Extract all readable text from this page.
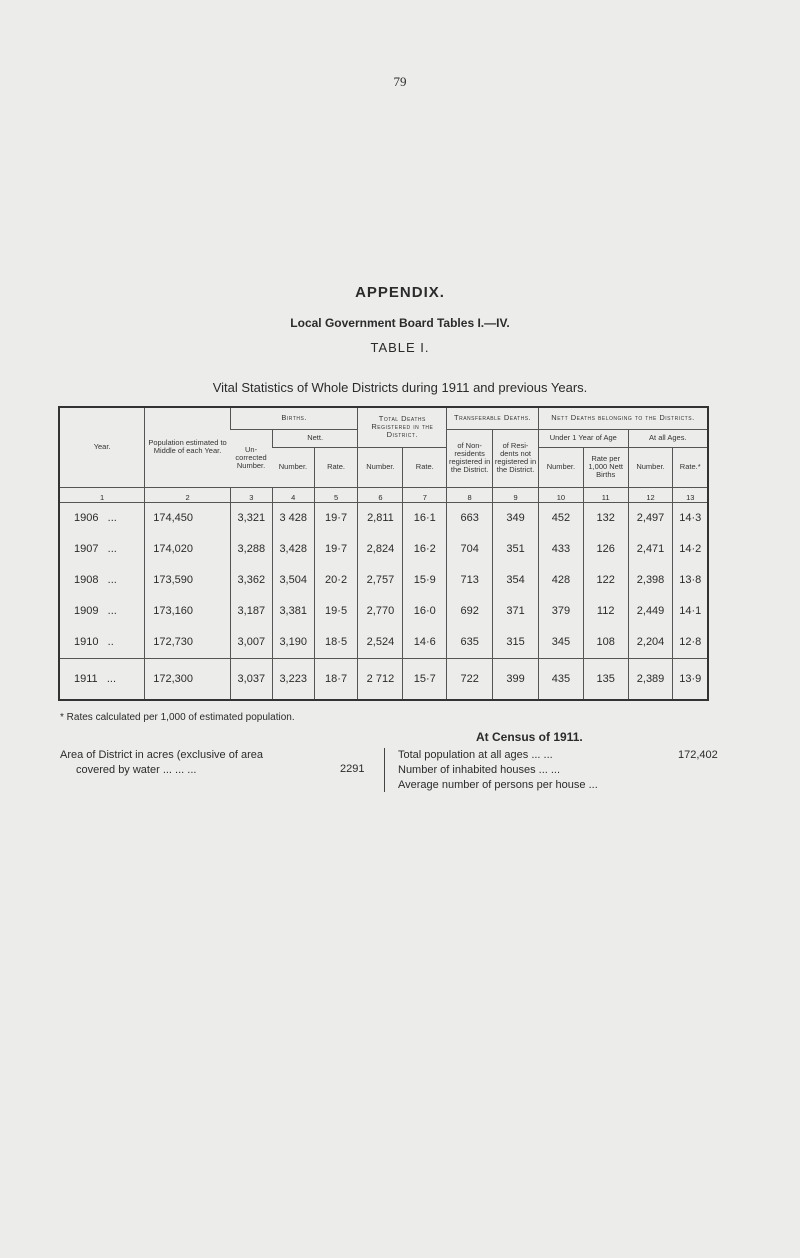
79
APPENDIX.
Local Government Board Tables I.—IV.
TABLE I.
Vital Statistics of Whole Districts during 1911 and previous Years.
Year.	Population estimated to Middle of each Year.	Births.			Total Deaths Registered in the District.		Transferable Deaths.		Nett Deaths belonging to the Districts.			
		Un- corrected Number.	Nett.				of Non- residents registered in the District.	of Resi- dents not registered in the District.	Under 1 Year of Age		At all Ages.	
			Number.	Rate.	Number.	Rate.			Number.	Rate per 1,000 Nett Births	Number.	Rate.*
1	2	3	4	5	6	7	8	9	10	11	12	13
1906 ...	174,450	3,321	3 428	19·7	2,811	16·1	663	349	452	132	2,497	14·3
1907 ...	174,020	3,288	3,428	19·7	2,824	16·2	704	351	433	126	2,471	14·2
1908 ...	173,590	3,362	3,504	20·2	2,757	15·9	713	354	428	122	2,398	13·8
1909 ...	173,160	3,187	3,381	19·5	2,770	16·0	692	371	379	112	2,449	14·1
1910 ..	172,730	3,007	3,190	18·5	2,524	14·6	635	315	345	108	2,204	12·8
1911 ...	172,300	3,037	3,223	18·7	2 712	15·7	722	399	435	135	2,389	13·9
* Rates calculated per 1,000 of estimated population.
At Census of 1911.
Area of District in acres (exclusive of area
covered by water ... ... ...	2291
Total population at all ages ... ...	172,402
Number of inhabited houses ... ...
Average number of persons per house ...
